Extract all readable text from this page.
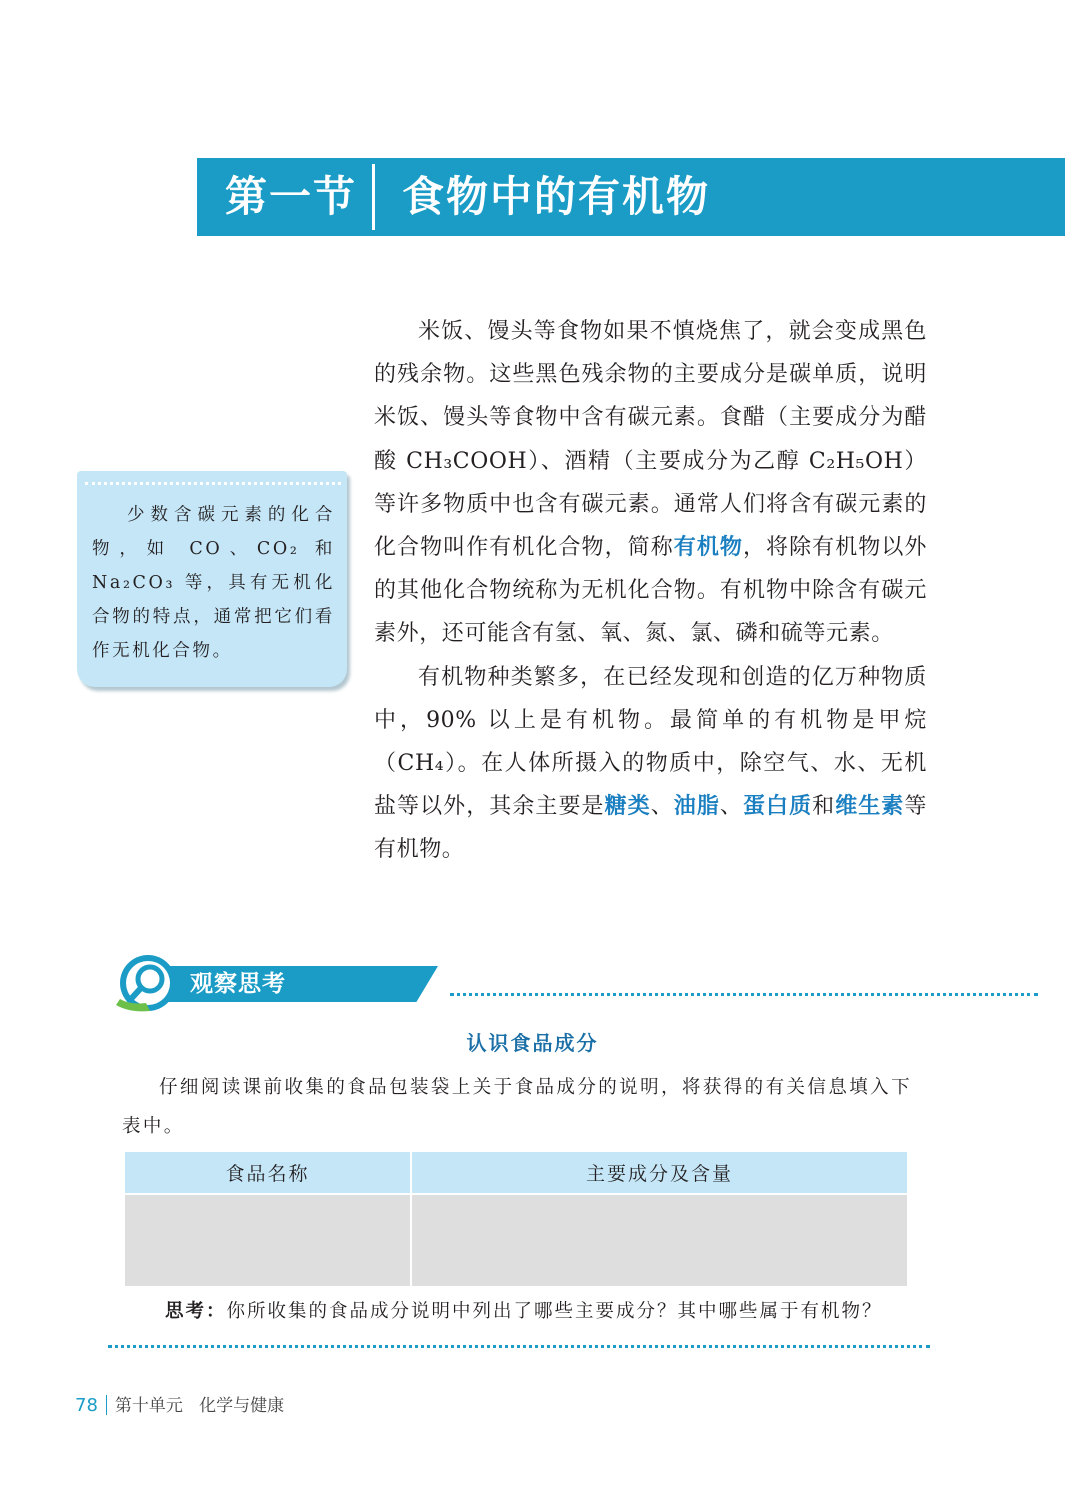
第一节 食物中的有机物
少数含碳元素的化合物，如 CO、CO₂ 和 Na₂CO₃ 等，具有无机化合物的特点，通常把它们看作无机化合物。

米饭、馒头等食物如果不慎烧焦了，就会变成黑色的残余物。这些黑色残余物的主要成分是碳单质，说明米饭、馒头等食物中含有碳元素。食醋（主要成分为醋酸 CH₃COOH）、酒精（主要成分为乙醇 C₂H₅OH）等许多物质中也含有碳元素。通常人们将含有碳元素的化合物叫作有机化合物，简称有机物，将除有机物以外的其他化合物统称为无机化合物。有机物中除含有碳元素外，还可能含有氢、氧、氮、氯、磷和硫等元素。

有机物种类繁多，在已经发现和创造的亿万种物质中，90% 以上是有机物。最简单的有机物是甲烷（CH₄）。在人体所摄入的物质中，除空气、水、无机盐等以外，其余主要是糖类、油脂、蛋白质和维生素等有机物。

观察思考 10–1
认识食品成分
仔细阅读课前收集的食品包装袋上关于食品成分的说明，将获得的有关信息填入下表中。
食品名称	主要成分及含量

思考：你所收集的食品成分说明中列出了哪些主要成分？其中哪些属于有机物？
78 第十单元 化学与健康
